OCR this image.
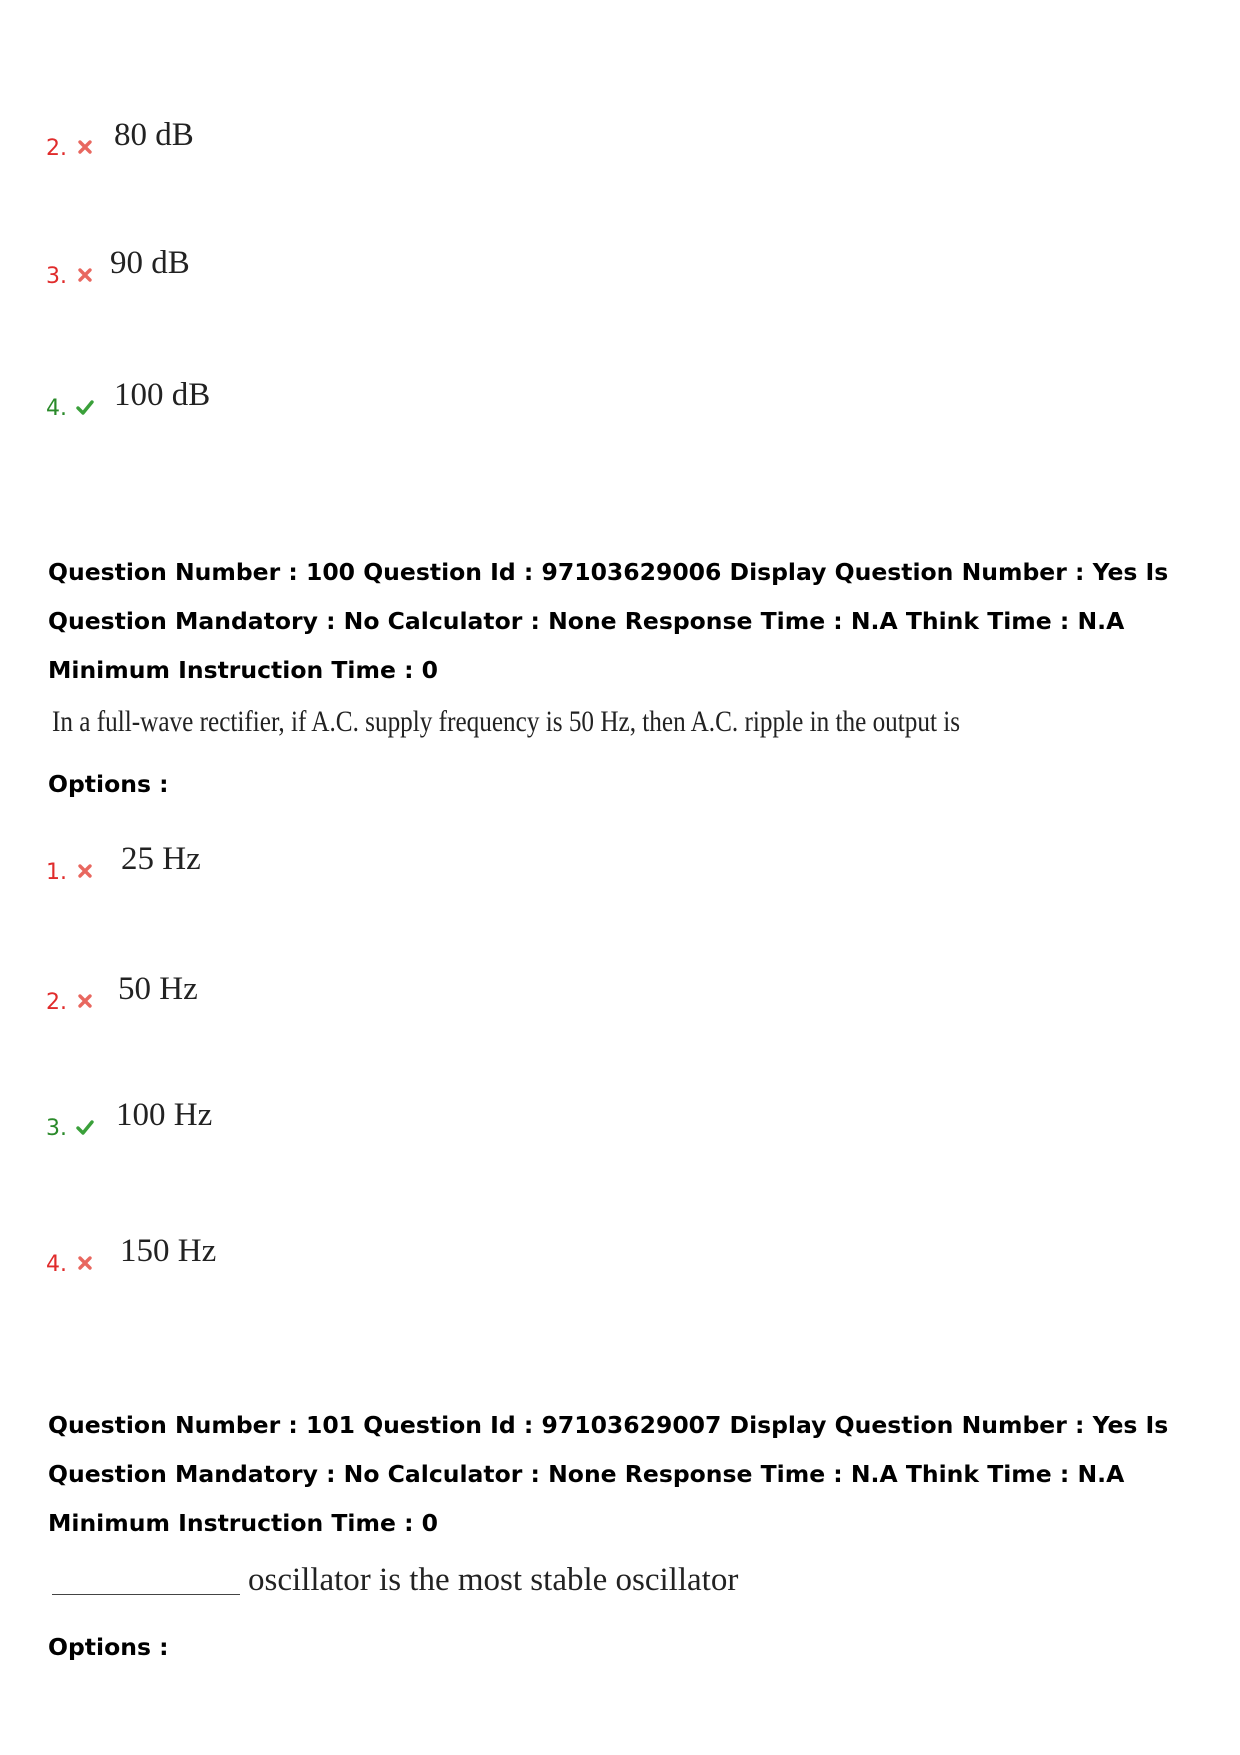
2. 80 dB
3. 90 dB
4. 100 dB

Question Number : 100 Question Id : 97103629006 Display Question Number : Yes Is Question Mandatory : No Calculator : None Response Time : N.A Think Time : N.A Minimum Instruction Time : 0

In a full-wave rectifier, if A.C. supply frequency is 50 Hz, then A.C. ripple in the output is
Options :
1. 25 Hz
2. 50 Hz
3. 100 Hz
4. 150 Hz

Question Number : 101 Question Id : 97103629007 Display Question Number : Yes Is Question Mandatory : No Calculator : None Response Time : N.A Think Time : N.A Minimum Instruction Time : 0

oscillator is the most stable oscillator
Options :
